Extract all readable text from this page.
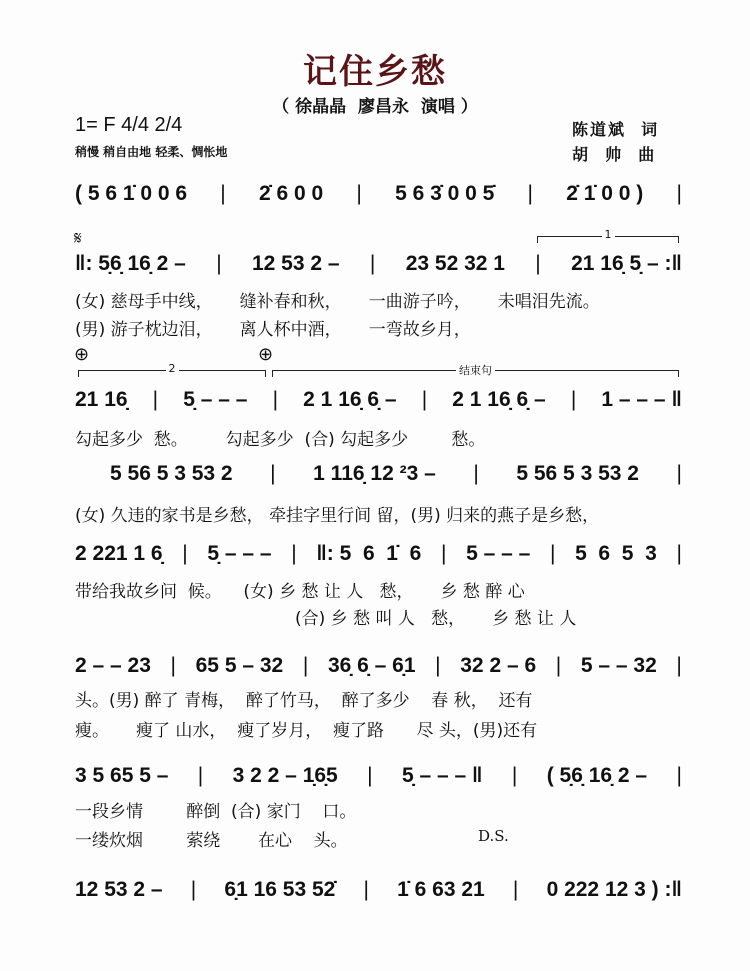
记住乡愁
（ 徐晶晶  廖昌永  演唱 ）
1= F 4/4 2/4
稍慢 稍自由地 轻柔、惆怅地
陈道斌  词
胡  帅  曲
𝄋	1
⊕	⊕
2	结束句
D.S.
( 5 6 1̇ 0 0 6 | 2̇ 6 0 0 | 5 6 3̇ 0 0 5̇ | 2̇ 1̇ 0 0 ) |
‖: 5̣6̣ 16̣ 2 – | 12 53 2 – | 23 52 32 1 | 21 16̣ 5̣ – :‖
21 16̣ | 5̣ – – – | 2 1 16̣ 6̣ – | 2 1 16̣ 6̣ – | 1 – – – ‖
5 56 5 3 53 2 | 1 116̣ 12 ²3 – | 5 56 5 3 53 2 |
2 221 1 6̣ | 5̣ – – – | ‖: 5  6  1̇  6 | 5 – – – | 5  6  5  3 |
2 – – 23 | 65 5 – 32 | 36̣ 6̣ – 6̣1 | 32 2 – 6 | 5 – – 32 |
3 5 65 5 – | 3 2 2 – 1̣6̣5 | 5̣ – – – ‖ | ( 5̣6̣ 16̣ 2 – |
12 53 2 – | 6̣1 16 53 52̇ | 1̇ 6 63 21 | 0 222 12 3 ) :‖
(女) 慈母手中线，     缝补春和秋，     一曲游子吟，     未唱泪先流。
(男) 游子枕边泪，     离人杯中酒，     一弯故乡月，
勾起多少  愁。       勾起多少  (合) 勾起多少        愁。
(女) 久违的家书是乡愁， 牵挂字里行间 留，(男) 归来的燕子是乡愁，
带给我故乡问  候。    (女) 乡 愁 让 人   愁，     乡 愁 醉 心
(合) 乡 愁 叫 人   愁，     乡 愁 让 人
头。(男) 醉了 青梅，  醉了竹马，  醉了多少    春 秋，  还有
瘦。     瘦了 山水，  瘦了岁月，  瘦了路      尽 头，(男)还有
一段乡情        醉倒  (合) 家门    口。
一缕炊烟        萦绕       在心    头。
